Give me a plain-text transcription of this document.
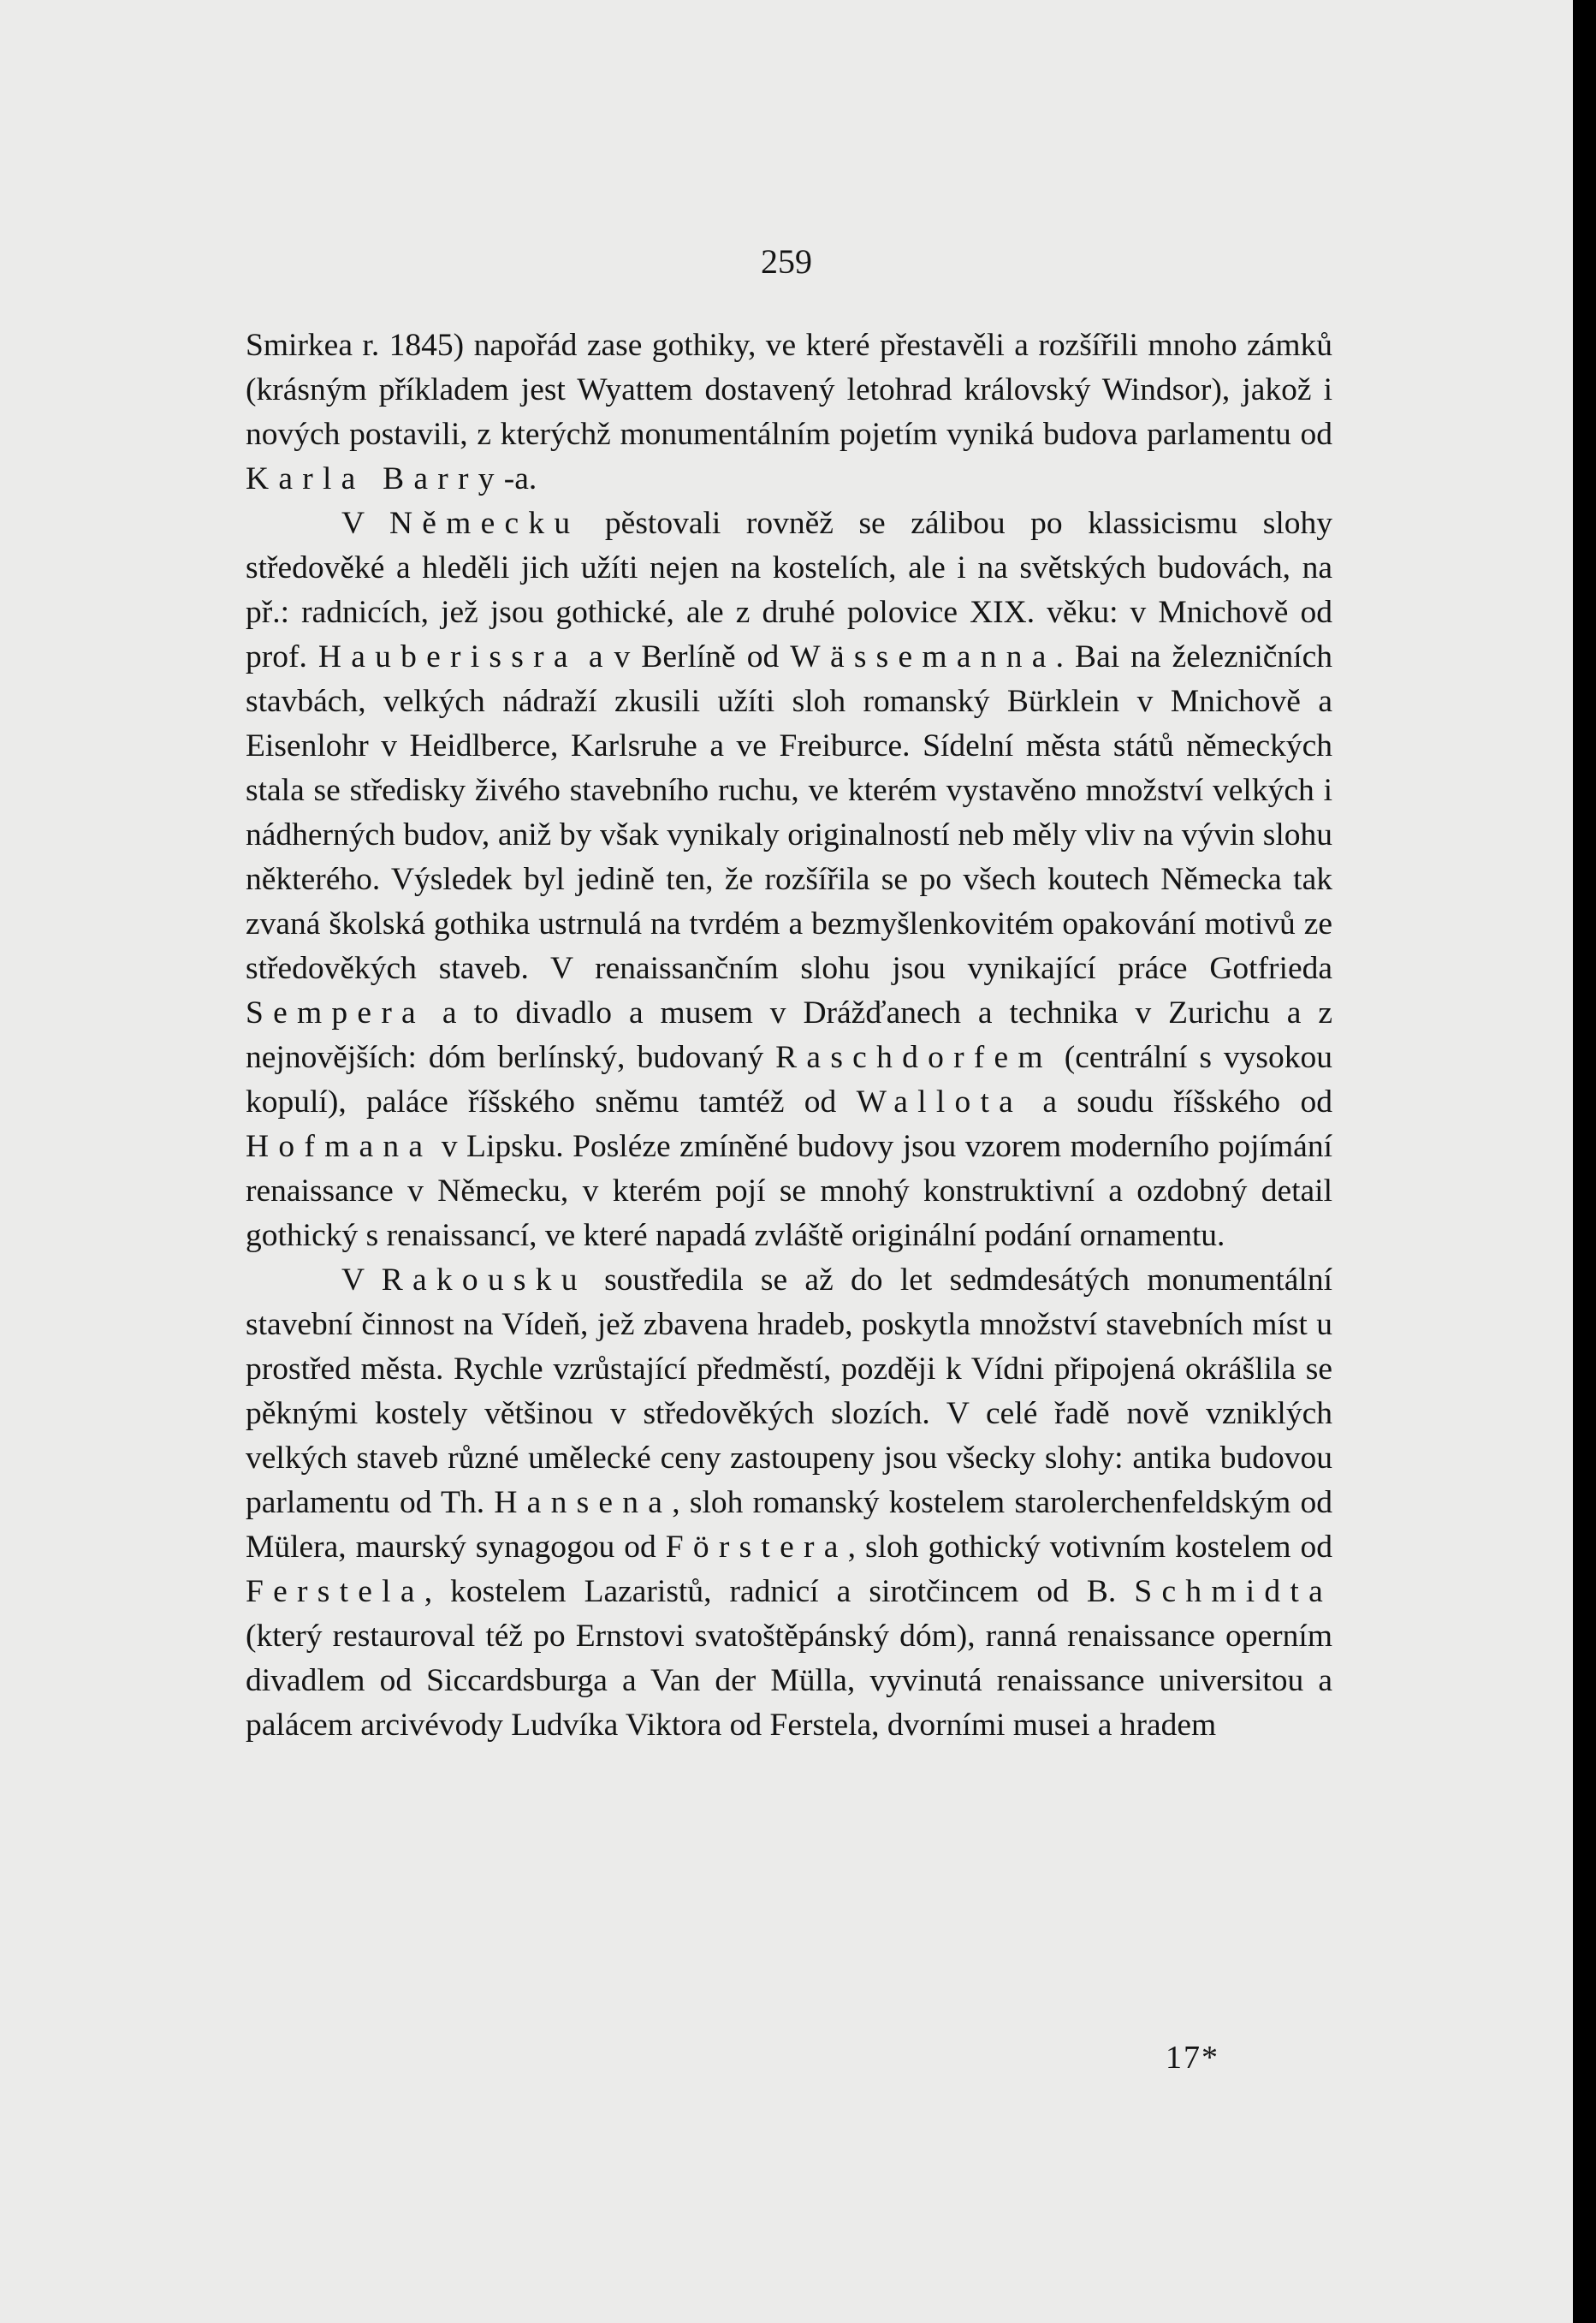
259

Smirkea r. 1845) napořád zase gothiky, ve které přestavěli a rozšířili mnoho zámků (krásným příkladem jest Wyattem dostavený letohrad královský Windsor), jakož i nových postavili, z kterýchž monumentálním pojetím vyniká budova parlamentu od Karla Barry-a.

V Německu pěstovali rovněž se zálibou po klassicismu slohy středověké a hleděli jich užíti nejen na kostelích, ale i na světských budovách, na př.: radnicích, jež jsou gothické, ale z druhé polovice XIX. věku: v Mnichově od prof. Hauberissra a v Berlíně od Wässemanna. Bai na železničních stavbách, velkých nádraží zkusili užíti sloh romanský Bürklein v Mnichově a Eisenlohr v Heidlberce, Karlsruhe a ve Freiburce. Sídelní města států německých stala se středisky živého stavebního ruchu, ve kterém vystavěno množství velkých i nádherných budov, aniž by však vynikaly originalností neb měly vliv na vývin slohu některého. Výsledek byl jedině ten, že rozšířila se po všech koutech Německa tak zvaná školská gothika ustrnulá na tvrdém a bezmyšlenkovitém opakování motivů ze středověkých staveb. V renaissančním slohu jsou vynikající práce Gotfrieda Sempera a to divadlo a musem v Drážďanech a technika v Zurichu a z nejnovějších: dóm berlínský, budovaný Raschdorfem (centrální s vysokou kopulí), paláce říšského sněmu tamtéž od Wallota a soudu říšského od Hofmana v Lipsku. Posléze zmíněné budovy jsou vzorem moderního pojímání renaissance v Německu, v kterém pojí se mnohý konstruktivní a ozdobný detail gothický s renaissancí, ve které napadá zvláště originální podání ornamentu.

V Rakousku soustředila se až do let sedmdesátých monumentální stavební činnost na Vídeň, jež zbavena hradeb, poskytla množství stavebních míst u prostřed města. Rychle vzrůstající předměstí, později k Vídni připojená okrášlila se pěknými kostely většinou v středověkých slozích. V celé řadě nově vzniklých velkých staveb různé umělecké ceny zastoupeny jsou všecky slohy: antika budovou parlamentu od Th. Hansena, sloh romanský kostelem starolerchenfeldským od Mülera, maurský synagogou od Förstera, sloh gothický votivním kostelem od Ferstela, kostelem Lazaristů, radnicí a sirotčincem od B. Schmidta (který restauroval též po Ernstovi svatoštěpánský dóm), ranná renaissance operním divadlem od Siccardsburga a Van der Mülla, vyvinutá renaissance universitou a palácem arcivévody Ludvíka Viktora od Ferstela, dvorními musei a hradem

17*
